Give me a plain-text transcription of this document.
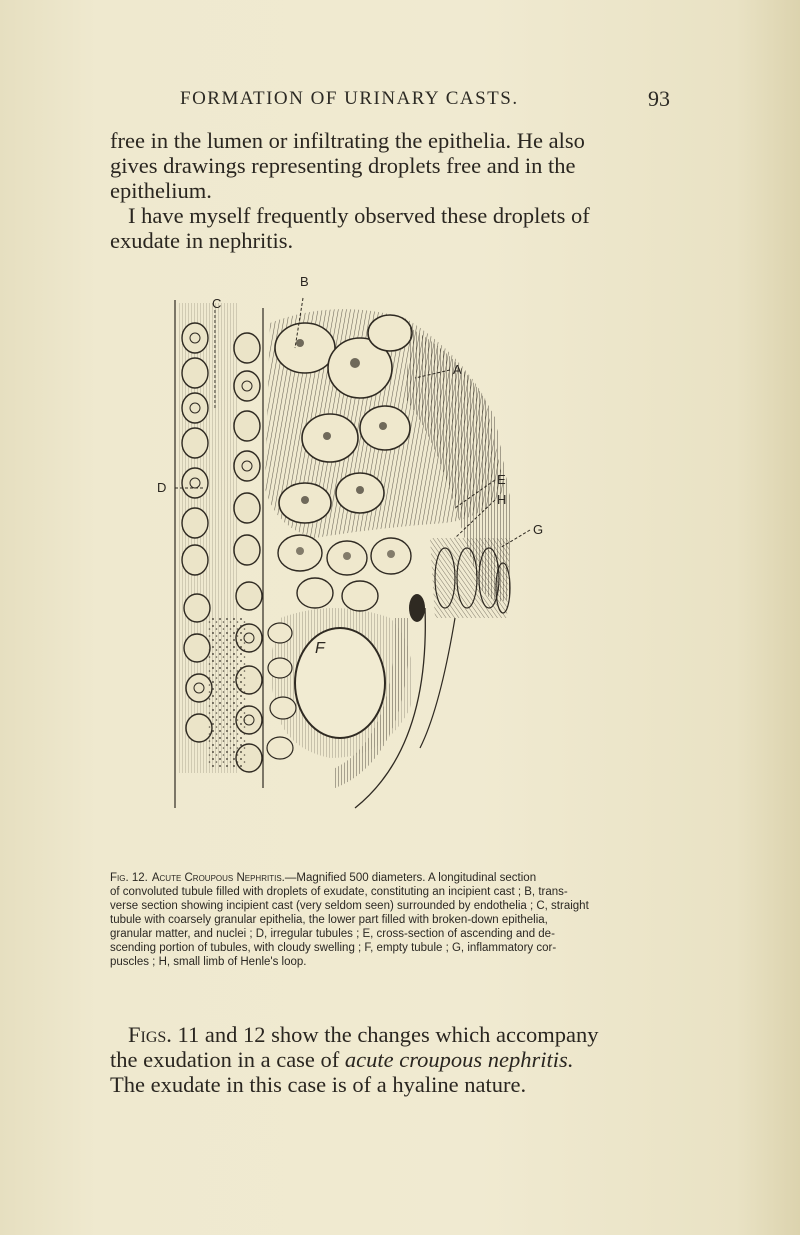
FORMATION OF URINARY CASTS.	93
free in the lumen or infiltrating the epithelia. He also
gives drawings representing droplets free and in the
epithelium.
I have myself frequently observed these droplets of
exudate in nephritis.
B
C
A
D
E
H
G
F
Fig. 12. Acute Croupous Nephritis.—Magnified 500 diameters. A longitudinal section
of convoluted tubule filled with droplets of exudate, constituting an incipient cast ; B, trans-
verse section showing incipient cast (very seldom seen) surrounded by endothelia ; C, straight
tubule with coarsely granular epithelia, the lower part filled with broken-down epithelia,
granular matter, and nuclei ; D, irregular tubules ; E, cross-section of ascending and de-
scending portion of tubules, with cloudy swelling ; F, empty tubule ; G, inflammatory cor-
puscles ; H, small limb of Henle's loop.
Figs. 11 and 12 show the changes which accompany
the exudation in a case of acute croupous nephritis.
The exudate in this case is of a hyaline nature.
